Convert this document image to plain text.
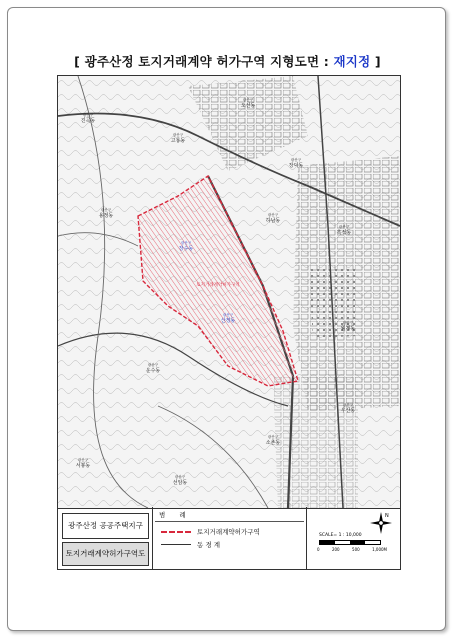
[ 광주산정 토지거래계약 허가구역 지형도면 : 재지정 ]
광산구
오선동
광산구
진곡동
광산구
고룡동
광산구
장덕동
광산구
용정동
광산구
장수동
광산구
하남동
광산구
흑석동
광산구
월계동
광산구
산정동
광산구
운수동
광산구
우산동
광산구
소촌동
광산구
서봉동
광산구
선암동
토지거래계약허가구역
광주산정 공공주택지구
토지거래계약허가구역도
범 례
토지거래계약허가구역
동 경 계
N
SCALE= 1 : 10,000
0	200	500	1,000M
